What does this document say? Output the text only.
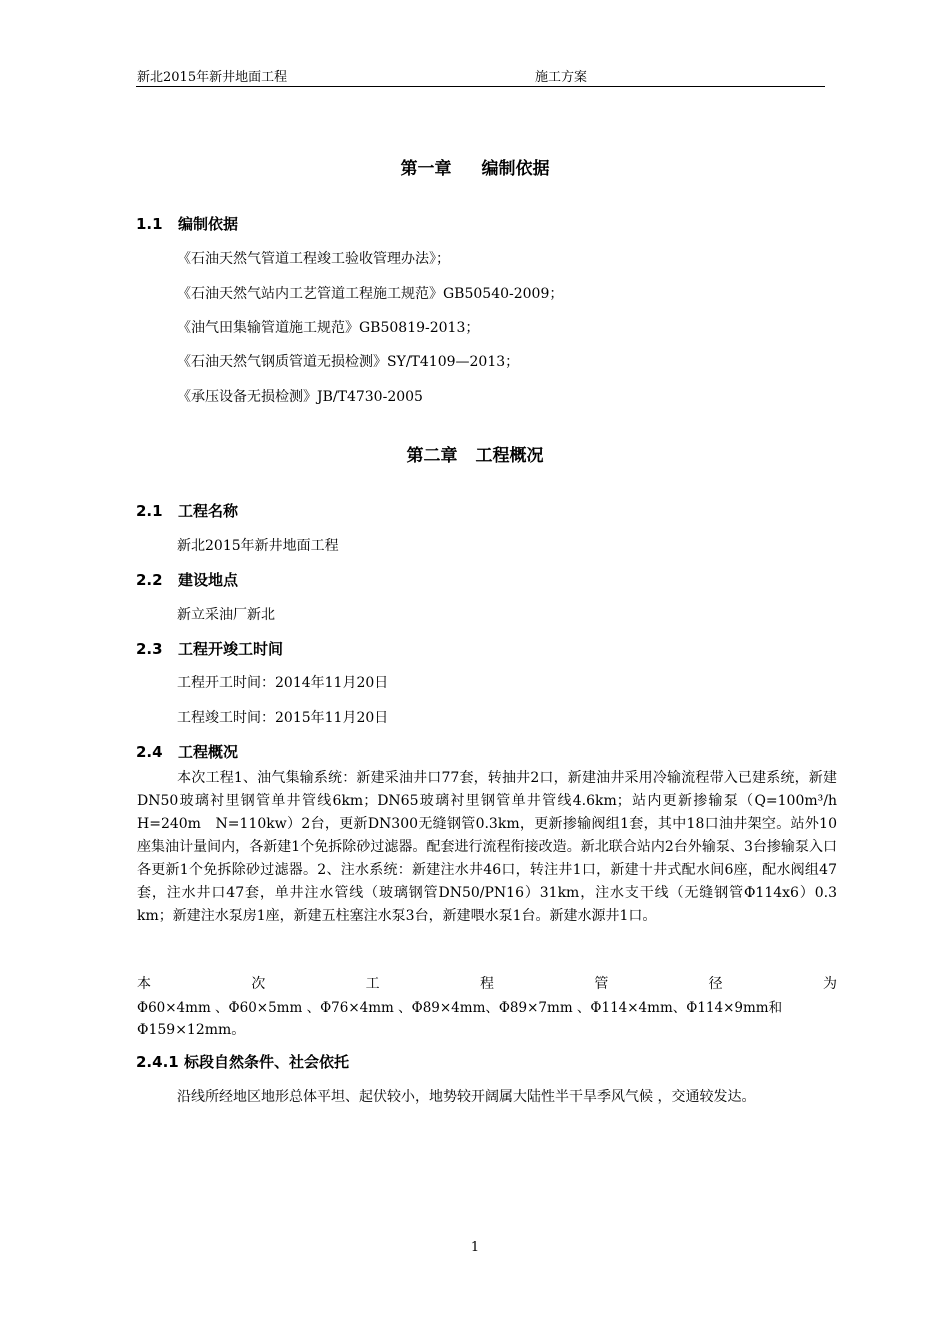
新北2015年新井地面工程	施工方案
第一章 编制依据
1.1 编制依据
《石油天然气管道工程竣工验收管理办法》；
《石油天然气站内工艺管道工程施工规范》GB50540-2009；
《油气田集输管道施工规范》GB50819-2013；
《石油天然气钢质管道无损检测》SY/T4109—2013；
《承压设备无损检测》JB/T4730-2005
第二章 工程概况
2.1 工程名称
新北2015年新井地面工程
2.2 建设地点
新立采油厂新北
2.3 工程开竣工时间
工程开工时间：2014年11月20日
工程竣工时间：2015年11月20日
2.4 工程概况
本次工程1、油气集输系统：新建采油井口77套，转抽井2口，新建油井采用冷输流程带入已建系统，新建DN50玻璃衬里钢管单井管线6km；DN65玻璃衬里钢管单井管线4.6km；站内更新掺输泵（Q=100m³/h　H=240m　N=110kw）2台，更新DN300无缝钢管0.3km，更新掺输阀组1套，其中18口油井架空。站外10座集油计量间内，各新建1个免拆除砂过滤器。配套进行流程衔接改造。新北联合站内2台外输泵、3台掺输泵入口各更新1个免拆除砂过滤器。2、注水系统：新建注水井46口，转注井1口，新建十井式配水间6座，配水阀组47套，注水井口47套，单井注水管线（玻璃钢管DN50/PN16）31km，注水支干线（无缝钢管Φ114x6）0.3 km；新建注水泵房1座，新建五柱塞注水泵3台，新建喂水泵1台。新建水源井1口。
本	次	工	程	管	径	为
Φ60×4mm 、Φ60×5mm 、Φ76×4mm 、Φ89×4mm、Φ89×7mm 、Φ114×4mm、Φ114×9mm和
Φ159×12mm。
2.4.1 标段自然条件、社会依托
沿线所经地区地形总体平坦、起伏较小，地势较开阔属大陆性半干旱季风气候 ，交通较发达。
1
